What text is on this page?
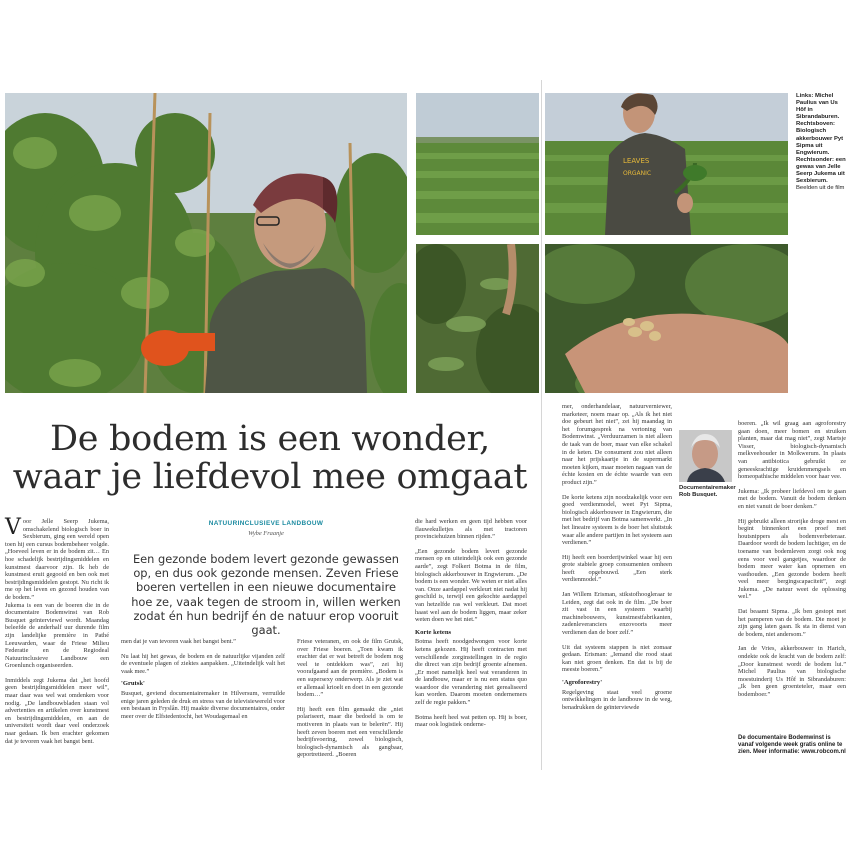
LEAVES
ORGANIC
Links: Michel Paulius van Us Hôf in Sibrandaburen. Rechtsboven: Biologisch akkerbouwer Pyt Sipma uit Engwierum. Rechtsonder: een gewas van Jelle Seerp Jukema uit Sexbierum. Beelden uit de film
De bodem is een wonder,
waar je liefdevol mee omgaat
NATUURINCLUSIEVE LANDBOUW
Wybe Fraanje
Een gezonde bodem levert gezonde gewassen op, en dus ook gezonde mensen. Zeven Friese boeren vertellen in een nieuwe documentaire hoe ze, vaak tegen de stroom in, willen werken zodat én hun bedrijf én de natuur erop vooruit gaat.

Voor Jelle Seerp Jukema, omschakelend biologisch boer in Sexbierum, ging een wereld open toen hij een cursus bodembeheer volgde. „Hoeveel leven er in de bodem zit… En hoe schadelijk bestrijdingsmiddelen en kunstmest daarvoor zijn. Ik heb de kunstmest eruit gegooid en ben ook met bestrijdingsmiddelen gestopt. Nu richt ik me op het leven en gezond houden van de bodem.”

Jukema is een van de boeren die in de documentaire Bodemwinst van Rob Busquet geïnterviewd wordt. Maandag beleefde de anderhalf uur durende film zijn landelijke première in Pathé Leeuwarden, waar de Friese Milieu Federatie en de Regiodeal Natuurinclusieve Landbouw een Groenlunch organiseerden.

Inmiddels zegt Jukema dat „het hoofd geen bestrijdingsmiddelen meer wil”, maar daar was wel wat omdenken voor nodig. „De landbouwbladen staan vol advertenties en artikelen over kunstmest en bestrijdingsmiddelen, en aan de universiteit wordt daar veel onderzoek naar gedaan. Ik ben erachter gekomen dat je tevoren vaak het bangst bent.

men dat je van tevoren vaak het bangst bent.”

Nu laat hij het gewas, de bodem en de natuurlijke vijanden zelf de eventuele plagen of ziektes aanpakken. „Uiteindelijk valt het vaak mee.”

'Grutsk'

Busquet, geviend documentairemaker in Hilversum, verruilde enige jaren geleden de druk en stress van de televisiewereld voor een bestaan in Fryslân. Hij maakte diverse documentaires, onder meer over de Elfstedentocht, het Woudagemaal en

Friese veteranen, en ook de film Grutsk, over Friese boeren. „Toen kwam ik erachter dat er wat betreft de bodem nog veel te ontdekken was”, zei hij voorafgaand aan de première. „Bodem is een supersexy onderwerp. Als je ziet wat er allemaal krioelt en doet in een gezonde bodem…”

Hij heeft een film gemaakt die „niet polariseert, maar die bedoeld is om te motiveren in plaats van te belerën”. Hij heeft zeven boeren met een verschillende bedrijfsvoering, zowel biologisch, biologisch-dynamisch als gangbaar, geportretteerd. „Boeren

die hard werken en geen tijd hebben voor flauwekulletjes als met tractoren provinciehuizen binnen rijden.”

„Een gezonde bodem levert gezonde mensen op en uiteindelijk ook een gezonde aarde”, zegt Folkert Botma in de film, biologisch akkerbouwer in Engwierum. „De bodem is een wonder. We weten er niet alles van. Onze aardappel verkleurt niet nadat hij geschild is, terwijl een gekochte aardappel van hetzelfde ras wel verkleurt. Dat moet haast wel aan de bodem liggen, maar zeker weten doen we het niet.”

Korte ketens

Botma heeft noodgedwongen voor korte ketens gekozen. Hij heeft contracten met verschillende zorginstellingen in de regio die direct van zijn bedrijf groente afnemen. „Er moet namelijk heel wat veranderen in de landbouw, maar er is nu een status quo waardoor die verandering niet gerealiseerd kan worden. Daarom moeten ondernemers zelf de regie pakken.”

Botma heeft heel wat petten op. Hij is boer, maar ook logistiek onderne-

mer, onderhandelaar, natuurverniewer, marketeer, noem maar op. „Als ik het niet doe gebeurt het niet”, zei hij maandag in het forumgesprek na vertoning van Bodemwinst. „Verduurzamen is niet alleen de taak van de boer, maar van elke schakel in de keten. De consument zou niet alleen naar het prijskaartje in de supermarkt moeten kijken, maar moeten nagaan van de échte kosten en de échte waarde van een product zijn.”

De korte ketens zijn noodzakelijk voor een goed verdienmodel, weet Pyt Sipma, biologisch akkerbouwer in Engwierum, die met het bedrijf van Botma samenwerkt. „In het lineaire systeem is de boer het sluitstuk waar alle andere partijen in het systeem aan verdienen.”

Hij heeft een boerderijwinkel waar hij een grote stabiele groep consumenten omheen heeft opgebouwd. „Een sterk verdienmodel.”

Jan Willem Erisman, stikstofhoogleraar te Leiden, zegt dat ook in de film. „De boer zit vast in een systeem waarbij machinebouwers, kunstmestfabrikanten, zadenleveranciers enzovoorts meer verdienen dan de boer zelf.”

Uit dat systeem stappen is niet zomaar gedaan. Erisman: „Iemand die rood staat kan niet groen denken. En dat is bij de meeste boeren.”

'Agroforestry'

Regelgeving staat veel groene ontwikkelingen in de landbouw in de weg, benadrukken de geïnterviewde

Documentairemaker Rob Busquet.

boeren. „Ik wil graag aan agroforestry gaan doen, meer bomen en struiken planten, maar dat mag niet”, zegt Martsje Visser, biologisch-dynamisch melkveehouder in Molkwerum. In plaats van antibiotica gebruikt ze geneeskrachtige kruidenmengsels en homeopathische middelen voor haar vee.

Jukema: „Ik probeer liefdevol om te gaan met de bodem. Vanuit de bodem denken en niet vanuit de boer denken.”

Hij gebruikt alleen strorijke droge mest en begint binnenkort een proef met houtsnippers als bodemverbeteraar. Daardoor wordt de bodem luchtiger, en de toename van bodemleven zorgt ook nog eens voor veel gangetjes, waardoor de bodem meer water kan opnemen en vasthouden. „Een gezonde bodem heeft veel meer bergingscapaciteit”, zegt Jukema. „De natuur weet de oplossing wel.”

Dat beaamt Sipma. „Ik ben gestopt met het pamperen van de bodem. Die moet je zijn gang laten gaan. Ik sta in dienst van de bodem, niet andersom.”

Jan de Vries, akkerbouwer in Harich, ondekte ook de kracht van de bodem zelf: „Door kunstmest wordt de bodem lui.” Michel Paulius van biologische moestuinderij Us Hôf in Sibrandaburen: „Ik ben geen groenteteler, maar een bodemboer.”

De documentaire Bodemwinst is vanaf volgende week gratis online te zien. Meer informatie: www.robcom.nl
